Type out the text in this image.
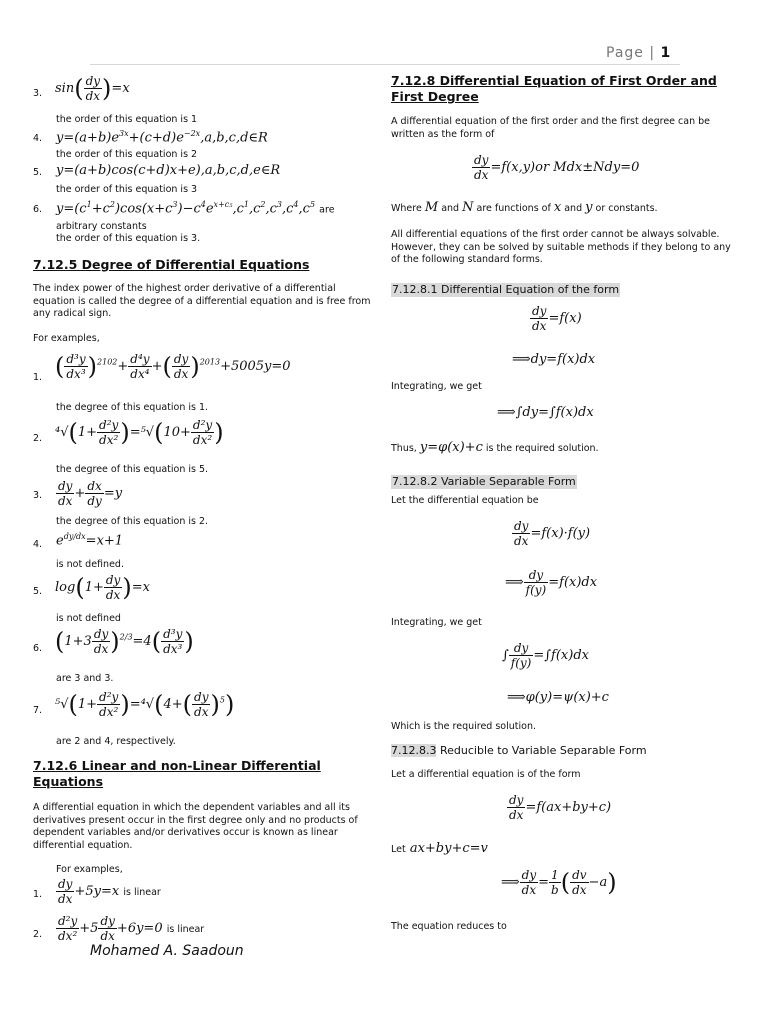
Page | 1
3. $\sin( \frac{dy}{dx} )=x$
the order of this equation is 1
4. $y=(a+b)e^{3x}+(c+d)e^{-2x},a,b,c,d\in R$
the order of this equation is 2
5. y=(a+b)cos(c+d)x+e),a,b,c,d,e∈R
the order of this equation is 3
6. $y=(c^1+c^2)\cos(x+c^3)-c^4e^{x+c_5},c^1,c^2,c^3,c^4,c^5$ are
arbitrary constants
the order of this equation is 3.
7.12.5 Degree of Differential Equations
The index power of the highest order derivative of a differential equation is called the degree of a differential equation and is free from any radical sign.
For examples,
1. ( $\frac{\text{d³y}}{\text{dx³}} )^{2102}+ \frac{\text{d⁴y}}{\text{dx⁴}}$ +( $\frac{dy}{dx} )^{2013}+5005y=0$
the degree of this equation is 1.
2. $^4√(1+ \frac{\text{d²y}}{\text{dx²}} )=^5√(10+ \frac{\text{d²y}}{\text{dx²}}$ )
the degree of this equation is 5.
3. $\frac{dy}{dx} + \frac{dx}{dy} =y$
the degree of this equation is 2.
4. $e^{dy/dx}=x+1$
is not defined.
5. $\log(1+ \frac{dy}{dx} )=x$
is not defined
6. $(1+3 \frac{dy}{dx} )^{2/3}=4( \frac{\text{d³y}}{\text{dx³}}$ )
are 3 and 3.
7. $^5√(1+ \frac{\text{d²y}}{\text{dx²}} )=^4√(4+( \frac{dy}{dx} )^5)$
are 2 and 4, respectively.
7.12.6 Linear and non-Linear Differential
Equations
A differential equation in which the dependent variables and all its derivatives present occur in the first degree only and no products of dependent variables and/or derivatives occur is known as linear differential equation.
For examples,
1. $\frac{dy}{dx} +5y=x$ is linear
2. $\frac{\text{d²y}}{\text{dx²}} +5 \frac{dy}{dx} +6y=0$ is linear
Mohamed A. Saadoun
7.12.8 Differential Equation of First Order and
First Degree
A differential equation of the first order and the first degree can be written as the form of
$\frac{dy}{dx} =f(x,y)or$ Mdx±Ndy=0
Where M and N are functions of x and y or constants.
All differential equations of the first order cannot be always solvable. However, they can be solved by suitable methods if they belong to any of the following standard forms.
7.12.8.1 Differential Equation of the form
$\frac{dy}{dx} =f(x)$
⟹dy=f(x)dx
Integrating, we get
⟹∫dy=∫f(x)dx
Thus, y=φ(x)+c is the required solution.
7.12.8.2 Variable Separable Form
Let the differential equation be
$\frac{dy}{dx} =f(x)\cdot f(y)$
⟹ $\frac{dy}{f(y)} =f(x)dx$
Integrating, we get
∫ $\frac{dy}{f(y)} =\int f(x)dx$
⟹φ(y)=ψ(x)+c
Which is the required solution.
7.12.8.3 Reducible to Variable Separable Form
Let a differential equation is of the form
$\frac{dy}{dx} =f(ax+by+c)$
Let ax+by+c=v
⟹ $\frac{dy}{dx} = \frac{1}{b}$ ( $\frac{dv}{dx} -a$)
The equation reduces to
